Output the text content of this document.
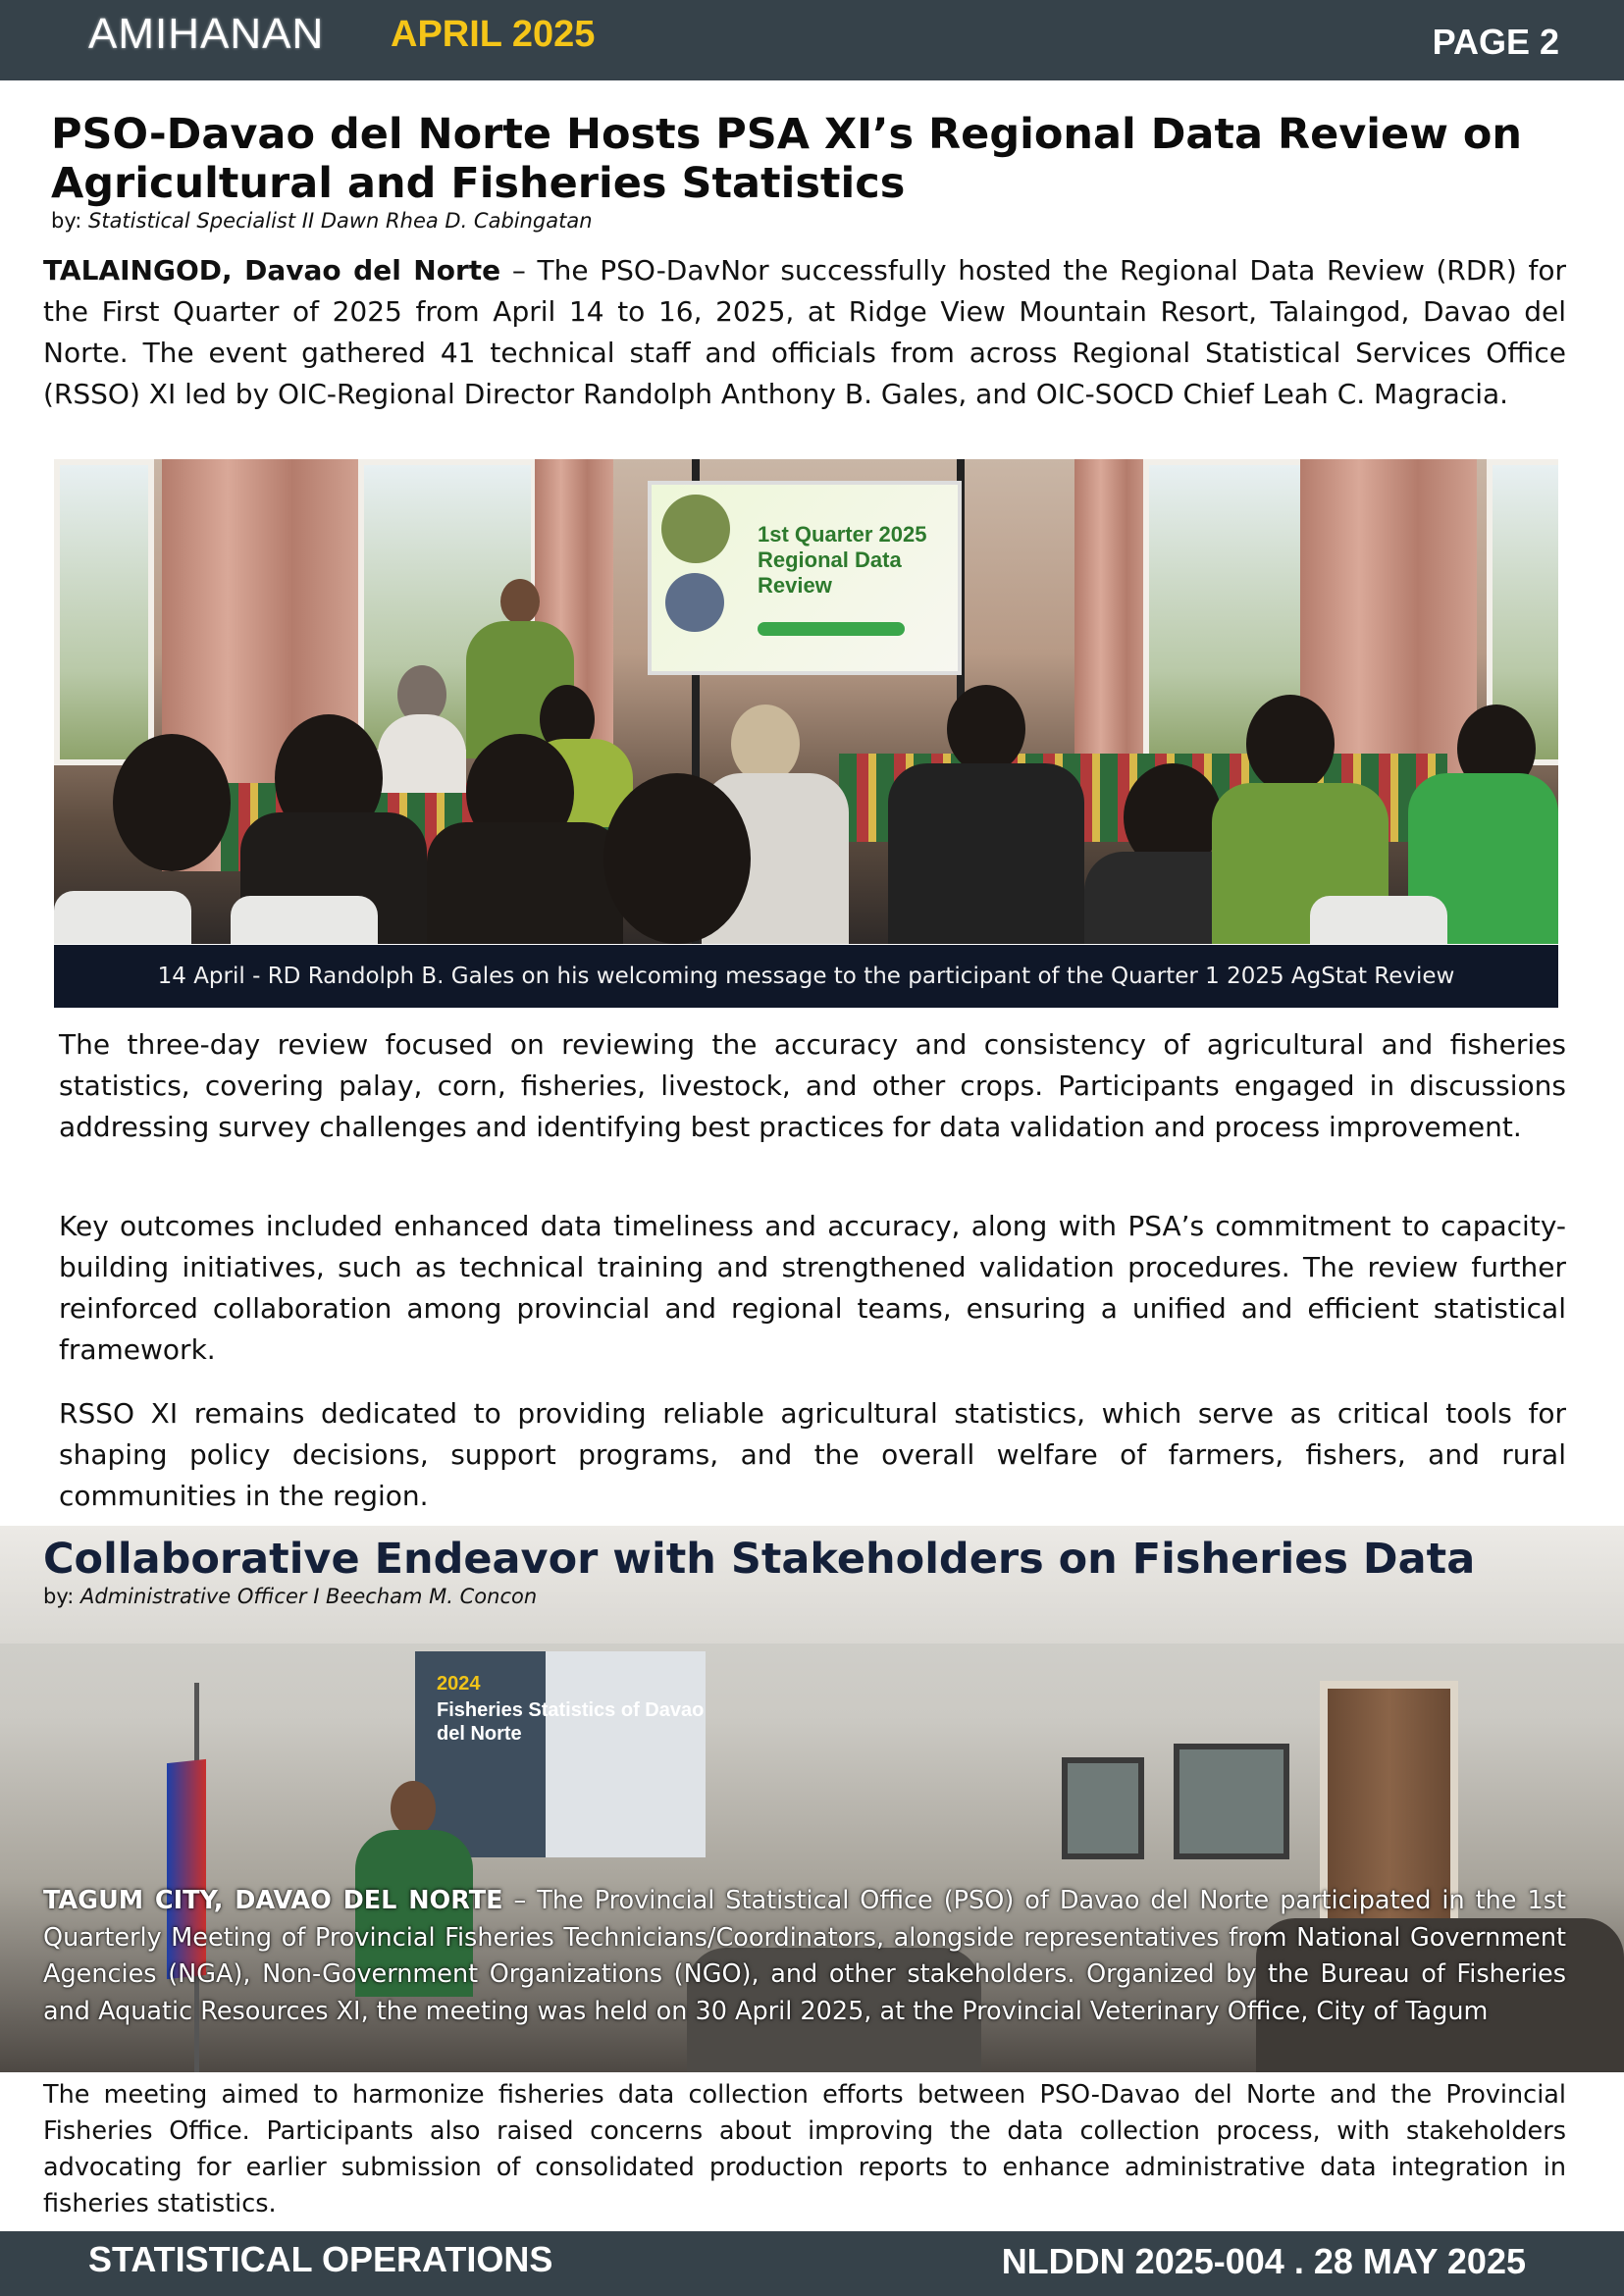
AMIHANAN APRIL 2025	PAGE 2
PSO-Davao del Norte Hosts PSA XI’s Regional Data Review on Agricultural and Fisheries Statistics
by: Statistical Specialist II Dawn Rhea D. Cabingatan
TALAINGOD, Davao del Norte – The PSO-DavNor successfully hosted the Regional Data Review (RDR) for the First Quarter of 2025 from April 14 to 16, 2025, at Ridge View Mountain Resort, Talaingod, Davao del Norte. The event gathered 41 technical staff and officials from across Regional Statistical Services Office (RSSO) XI led by OIC-Regional Director Randolph Anthony B. Gales, and OIC-SOCD Chief Leah C. Magracia.
1st Quarter 2025 Regional Data Review
14 April - RD Randolph B. Gales on his welcoming message to the participant of the Quarter 1 2025 AgStat Review
The three-day review focused on reviewing the accuracy and consistency of agricultural and fisheries statistics, covering palay, corn, fisheries, livestock, and other crops. Participants engaged in discussions addressing survey challenges and identifying best practices for data validation and process improvement.
Key outcomes included enhanced data timeliness and accuracy, along with PSA’s commitment to capacity-building initiatives, such as technical training and strengthened validation procedures. The review further reinforced collaboration among provincial and regional teams, ensuring a unified and efficient statistical framework.
RSSO XI remains dedicated to providing reliable agricultural statistics, which serve as critical tools for shaping policy decisions, support programs, and the overall welfare of farmers, fishers, and rural communities in the region.
2024
Fisheries Statistics of Davao del Norte
Collaborative Endeavor with Stakeholders on Fisheries Data
by: Administrative Officer I Beecham M. Concon
TAGUM CITY, DAVAO DEL NORTE – The Provincial Statistical Office (PSO) of Davao del Norte participated in the 1st Quarterly Meeting of Provincial Fisheries Technicians/Coordinators, alongside representatives from National Government Agencies (NGA), Non-Government Organizations (NGO), and other stakeholders. Organized by the Bureau of Fisheries and Aquatic Resources XI, the meeting was held on 30 April 2025, at the Provincial Veterinary Office, City of Tagum
The meeting aimed to harmonize fisheries data collection efforts between PSO-Davao del Norte and the Provincial Fisheries Office. Participants also raised concerns about improving the data collection process, with stakeholders advocating for earlier submission of consolidated production reports to enhance administrative data integration in fisheries statistics.
STATISTICAL OPERATIONS	NLDDN 2025-004 . 28 MAY 2025
